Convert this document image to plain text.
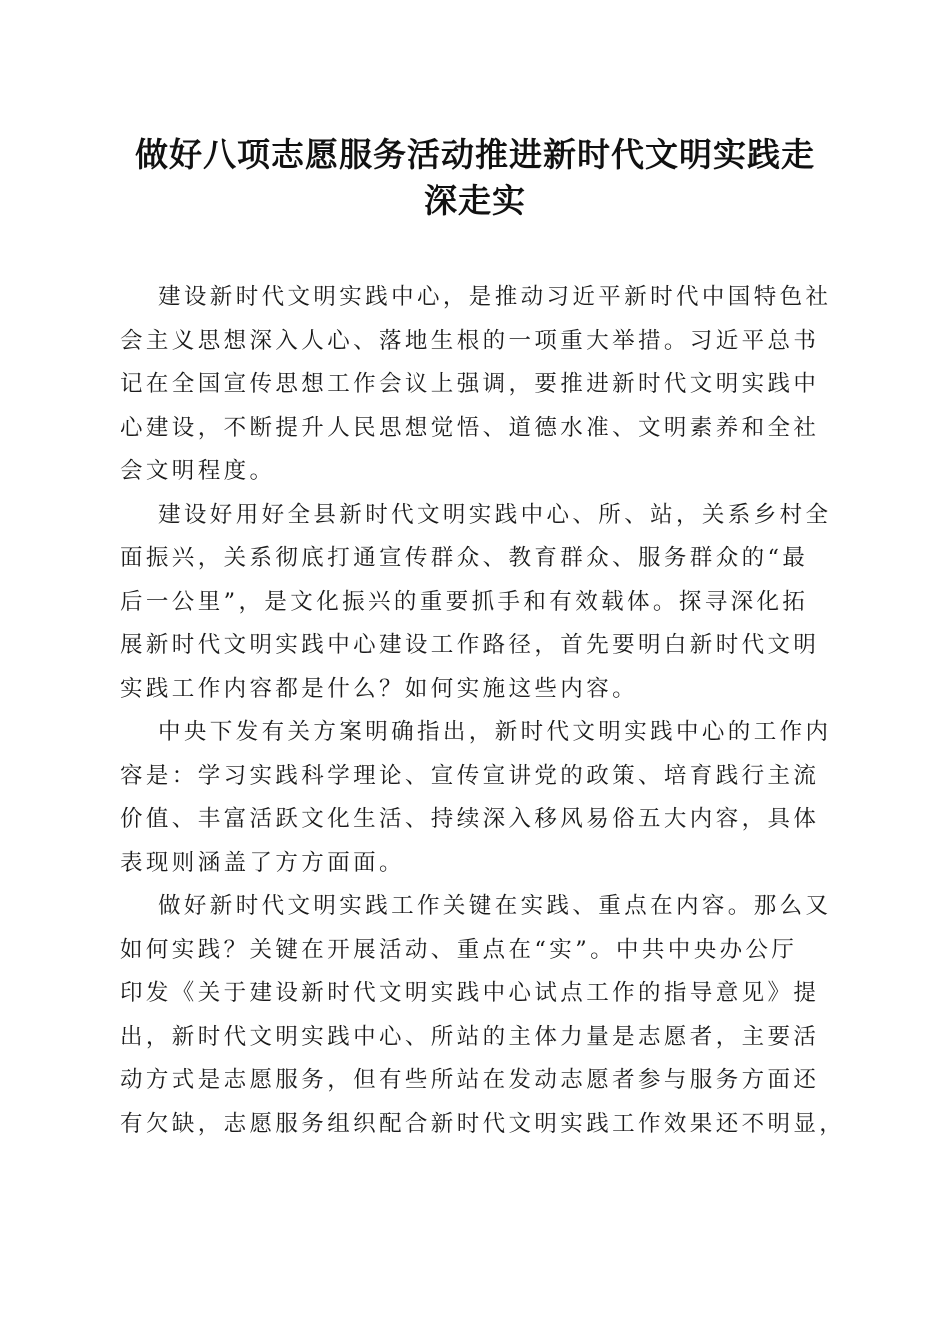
做好八项志愿服务活动推进新时代文明实践走
深走实

建设新时代文明实践中心，是推动习近平新时代中国特色社
会主义思想深入人心、落地生根的一项重大举措。习近平总书
记在全国宣传思想工作会议上强调，要推进新时代文明实践中
心建设，不断提升人民思想觉悟、道德水准、文明素养和全社
会文明程度。

建设好用好全县新时代文明实践中心、所、站，关系乡村全
面振兴，关系彻底打通宣传群众、教育群众、服务群众的“最
后一公里”，是文化振兴的重要抓手和有效载体。探寻深化拓
展新时代文明实践中心建设工作路径，首先要明白新时代文明
实践工作内容都是什么？如何实施这些内容。

中央下发有关方案明确指出，新时代文明实践中心的工作内
容是：学习实践科学理论、宣传宣讲党的政策、培育践行主流
价值、丰富活跃文化生活、持续深入移风易俗五大内容，具体
表现则涵盖了方方面面。

做好新时代文明实践工作关键在实践、重点在内容。那么又
如何实践？关键在开展活动、重点在“实”。中共中央办公厅
印发《关于建设新时代文明实践中心试点工作的指导意见》提
出，新时代文明实践中心、所站的主体力量是志愿者，主要活
动方式是志愿服务，但有些所站在发动志愿者参与服务方面还
有欠缺，志愿服务组织配合新时代文明实践工作效果还不明显，
